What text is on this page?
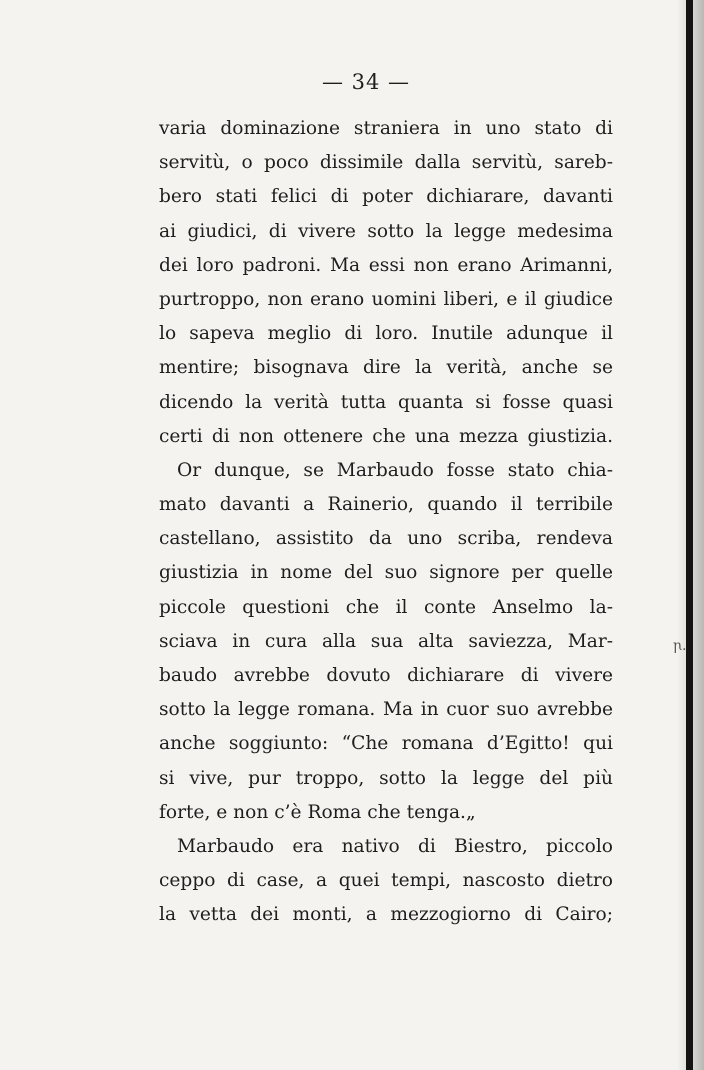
— 34 —
varia dominazione straniera in uno stato di
servitù, o poco dissimile dalla servitù, sareb-
bero stati felici di poter dichiarare, davanti
ai giudici, di vivere sotto la legge medesima
dei loro padroni. Ma essi non erano Arimanni,
purtroppo, non erano uomini liberi, e il giudice
lo sapeva meglio di loro. Inutile adunque il
mentire; bisognava dire la verità, anche se
dicendo la verità tutta quanta si fosse quasi
certi di non ottenere che una mezza giustizia.
Or dunque, se Marbaudo fosse stato chia-
mato davanti a Rainerio, quando il terribile
castellano, assistito da uno scriba, rendeva
giustizia in nome del suo signore per quelle
piccole questioni che il conte Anselmo la-
sciava in cura alla sua alta saviezza, Mar-
baudo avrebbe dovuto dichiarare di vivere
sotto la legge romana. Ma in cuor suo avrebbe
anche soggiunto: “Che romana d’Egitto! qui
si vive, pur troppo, sotto la legge del più
forte, e non c’è Roma che tenga.„
Marbaudo era nativo di Biestro, piccolo
ceppo di case, a quei tempi, nascosto dietro
la vetta dei monti, a mezzogiorno di Cairo;
ꞃ.
